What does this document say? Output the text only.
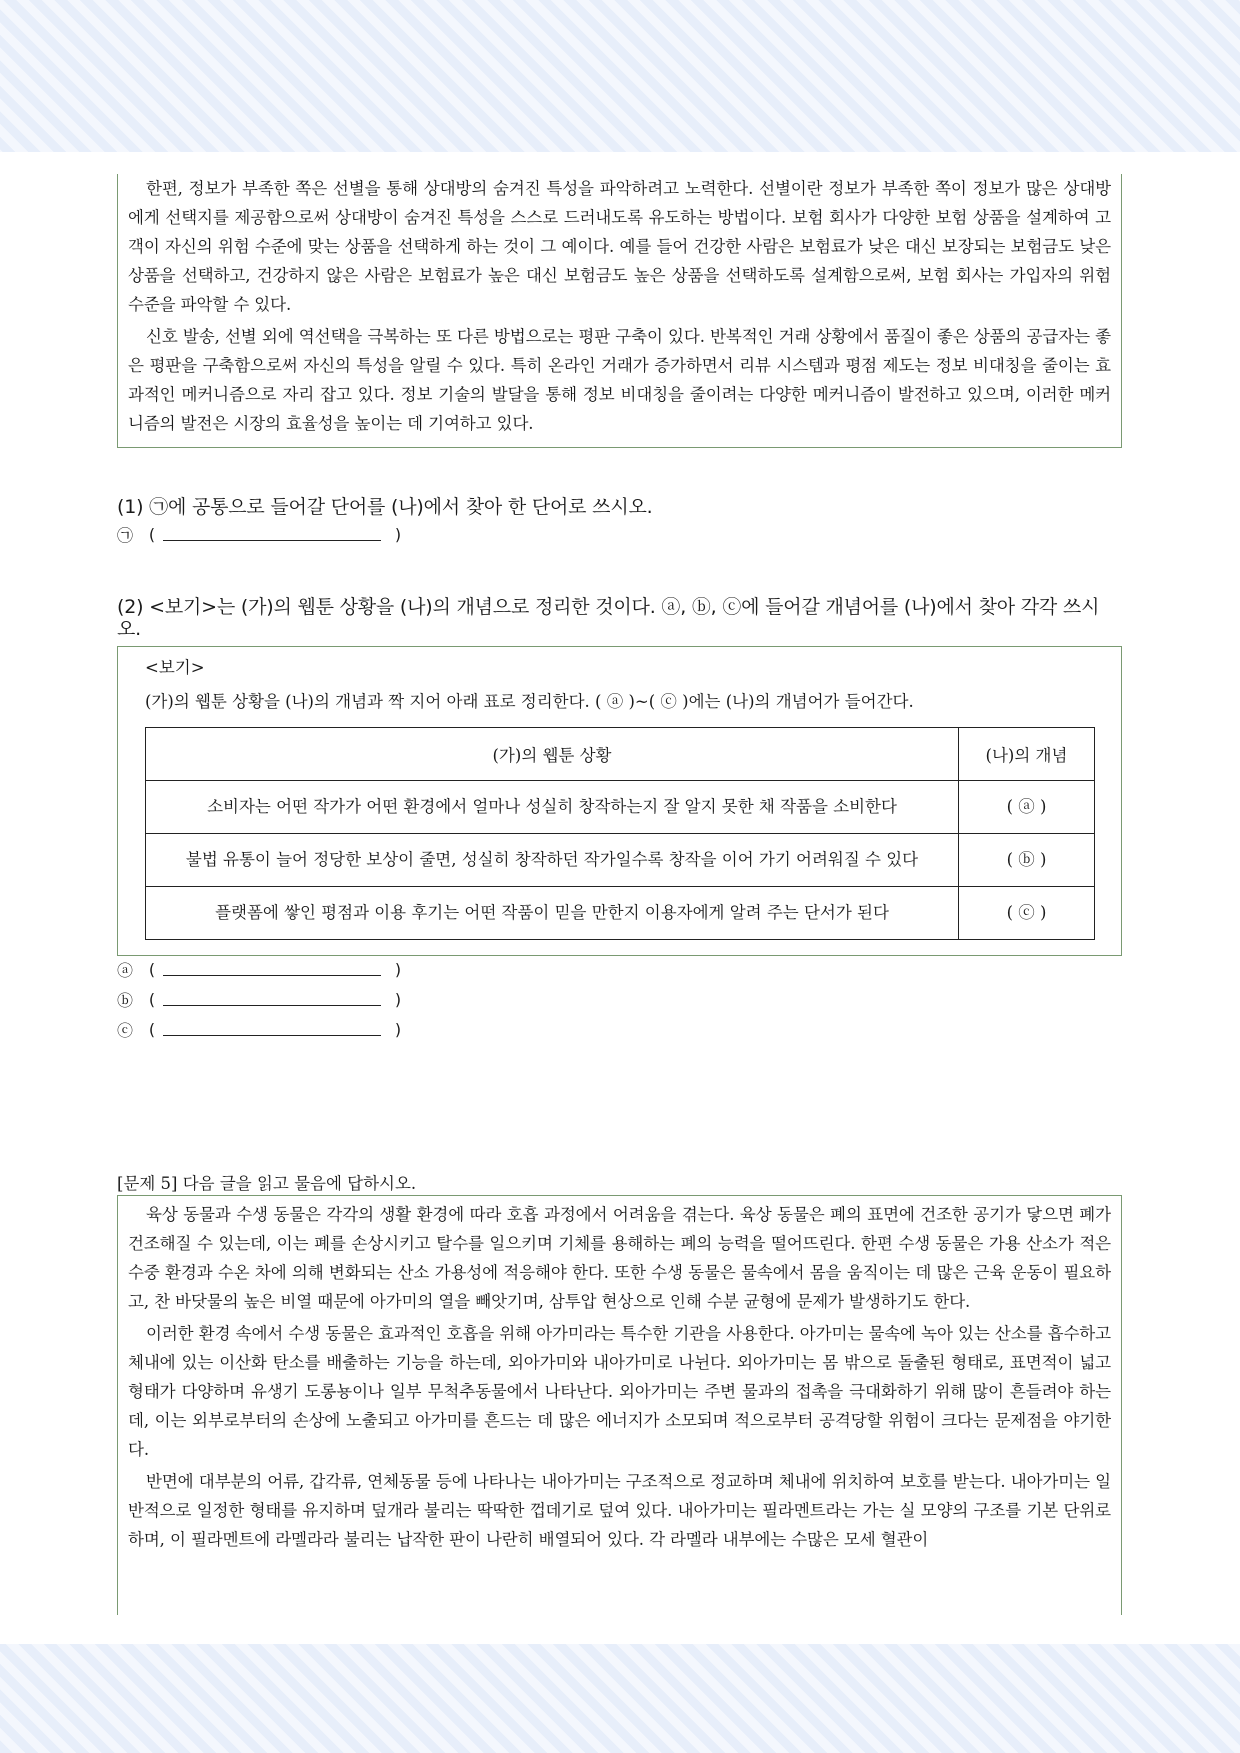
한편, 정보가 부족한 쪽은 선별을 통해 상대방의 숨겨진 특성을 파악하려고 노력한다. 선별이란 정보가 부족한 쪽이 정보가 많은 상대방에게 선택지를 제공함으로써 상대방이 숨겨진 특성을 스스로 드러내도록 유도하는 방법이다. 보험 회사가 다양한 보험 상품을 설계하여 고객이 자신의 위험 수준에 맞는 상품을 선택하게 하는 것이 그 예이다. 예를 들어 건강한 사람은 보험료가 낮은 대신 보장되는 보험금도 낮은 상품을 선택하고, 건강하지 않은 사람은 보험료가 높은 대신 보험금도 높은 상품을 선택하도록 설계함으로써, 보험 회사는 가입자의 위험 수준을 파악할 수 있다.

신호 발송, 선별 외에 역선택을 극복하는 또 다른 방법으로는 평판 구축이 있다. 반복적인 거래 상황에서 품질이 좋은 상품의 공급자는 좋은 평판을 구축함으로써 자신의 특성을 알릴 수 있다. 특히 온라인 거래가 증가하면서 리뷰 시스템과 평점 제도는 정보 비대칭을 줄이는 효과적인 메커니즘으로 자리 잡고 있다. 정보 기술의 발달을 통해 정보 비대칭을 줄이려는 다양한 메커니즘이 발전하고 있으며, 이러한 메커니즘의 발전은 시장의 효율성을 높이는 데 기여하고 있다.

(1) ㉠에 공통으로 들어갈 단어를 (나)에서 찾아 한 단어로 쓰시오.
㉠ (	)
(2) <보기>는 (가)의 웹툰 상황을 (나)의 개념으로 정리한 것이다. ⓐ, ⓑ, ⓒ에 들어갈 개념어를 (나)에서 찾아 각각 쓰시오.
<보기>
(가)의 웹툰 상황을 (나)의 개념과 짝 지어 아래 표로 정리한다. ( ⓐ )~( ⓒ )에는 (나)의 개념어가 들어간다.
(가)의 웹툰 상황	(나)의 개념
소비자는 어떤 작가가 어떤 환경에서 얼마나 성실히 창작하는지 잘 알지 못한 채 작품을 소비한다	( ⓐ )
불법 유통이 늘어 정당한 보상이 줄면, 성실히 창작하던 작가일수록 창작을 이어 가기 어려워질 수 있다	( ⓑ )
플랫폼에 쌓인 평점과 이용 후기는 어떤 작품이 믿을 만한지 이용자에게 알려 주는 단서가 된다	( ⓒ )
ⓐ (	)
ⓑ (	)
ⓒ (	)
[문제 5] 다음 글을 읽고 물음에 답하시오.

육상 동물과 수생 동물은 각각의 생활 환경에 따라 호흡 과정에서 어려움을 겪는다. 육상 동물은 폐의 표면에 건조한 공기가 닿으면 폐가 건조해질 수 있는데, 이는 폐를 손상시키고 탈수를 일으키며 기체를 용해하는 폐의 능력을 떨어뜨린다. 한편 수생 동물은 가용 산소가 적은 수중 환경과 수온 차에 의해 변화되는 산소 가용성에 적응해야 한다. 또한 수생 동물은 물속에서 몸을 움직이는 데 많은 근육 운동이 필요하고, 찬 바닷물의 높은 비열 때문에 아가미의 열을 빼앗기며, 삼투압 현상으로 인해 수분 균형에 문제가 발생하기도 한다.

이러한 환경 속에서 수생 동물은 효과적인 호흡을 위해 아가미라는 특수한 기관을 사용한다. 아가미는 물속에 녹아 있는 산소를 흡수하고 체내에 있는 이산화 탄소를 배출하는 기능을 하는데, 외아가미와 내아가미로 나뉜다. 외아가미는 몸 밖으로 돌출된 형태로, 표면적이 넓고 형태가 다양하며 유생기 도롱뇽이나 일부 무척추동물에서 나타난다. 외아가미는 주변 물과의 접촉을 극대화하기 위해 많이 흔들려야 하는데, 이는 외부로부터의 손상에 노출되고 아가미를 흔드는 데 많은 에너지가 소모되며 적으로부터 공격당할 위험이 크다는 문제점을 야기한다.

반면에 대부분의 어류, 갑각류, 연체동물 등에 나타나는 내아가미는 구조적으로 정교하며 체내에 위치하여 보호를 받는다. 내아가미는 일반적으로 일정한 형태를 유지하며 덮개라 불리는 딱딱한 껍데기로 덮여 있다. 내아가미는 필라멘트라는 가는 실 모양의 구조를 기본 단위로 하며, 이 필라멘트에 라멜라라 불리는 납작한 판이 나란히 배열되어 있다. 각 라멜라 내부에는 수많은 모세 혈관이
